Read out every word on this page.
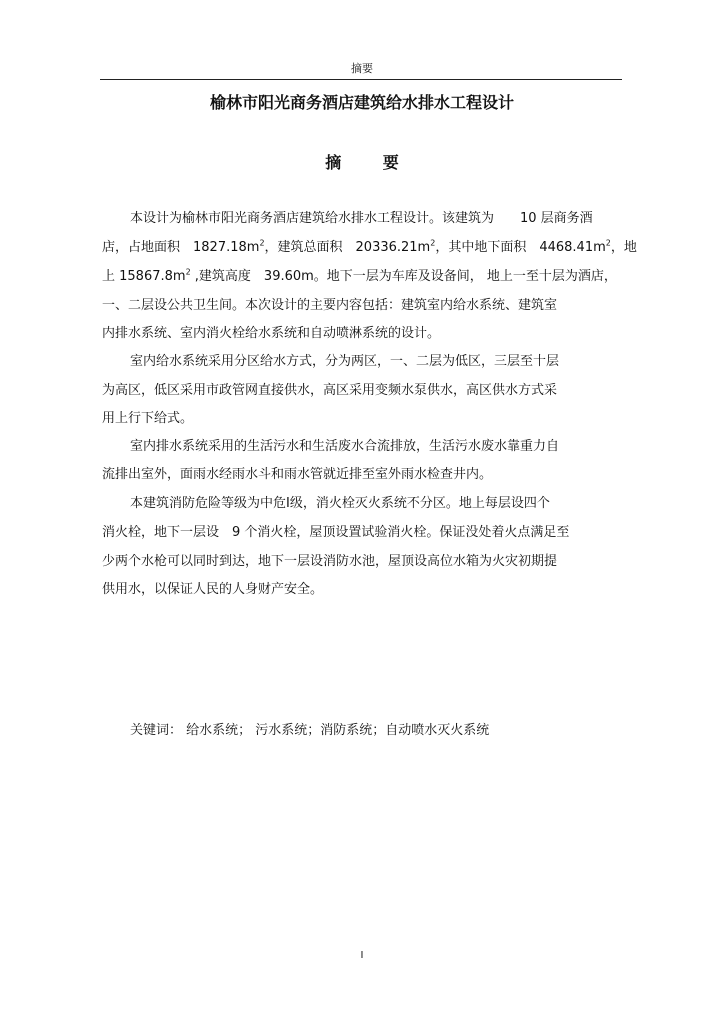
摘要
榆林市阳光商务酒店建筑给水排水工程设计
摘 要
本设计为榆林市阳光商务酒店建筑给水排水工程设计。该建筑为　　10 层商务酒
店，占地面积　$1827.18m^2$，建筑总面积　$20336.21m^2$，其中地下面积　$4468.41m^2$，地
上 $15867.8m^2$ ,建筑高度　39.60m。地下一层为车库及设备间， 地上一至十层为酒店，
一、二层设公共卫生间。本次设计的主要内容包括：建筑室内给水系统、建筑室
内排水系统、室内消火栓给水系统和自动喷淋系统的设计。
室内给水系统采用分区给水方式，分为两区，一、二层为低区，三层至十层
为高区，低区采用市政管网直接供水，高区采用变频水泵供水，高区供水方式采
用上行下给式。
室内排水系统采用的生活污水和生活废水合流排放，生活污水废水靠重力自
流排出室外，面雨水经雨水斗和雨水管就近排至室外雨水检查井内。
本建筑消防危险等级为中危Ⅰ级，消火栓灭火系统不分区。地上每层设四个
消火栓，地下一层设　9 个消火栓，屋顶设置试验消火栓。保证没处着火点满足至
少两个水枪可以同时到达，地下一层设消防水池，屋顶设高位水箱为火灾初期提
供用水，以保证人民的人身财产安全。
关键词： 给水系统； 污水系统；消防系统；自动喷水灭火系统
I
